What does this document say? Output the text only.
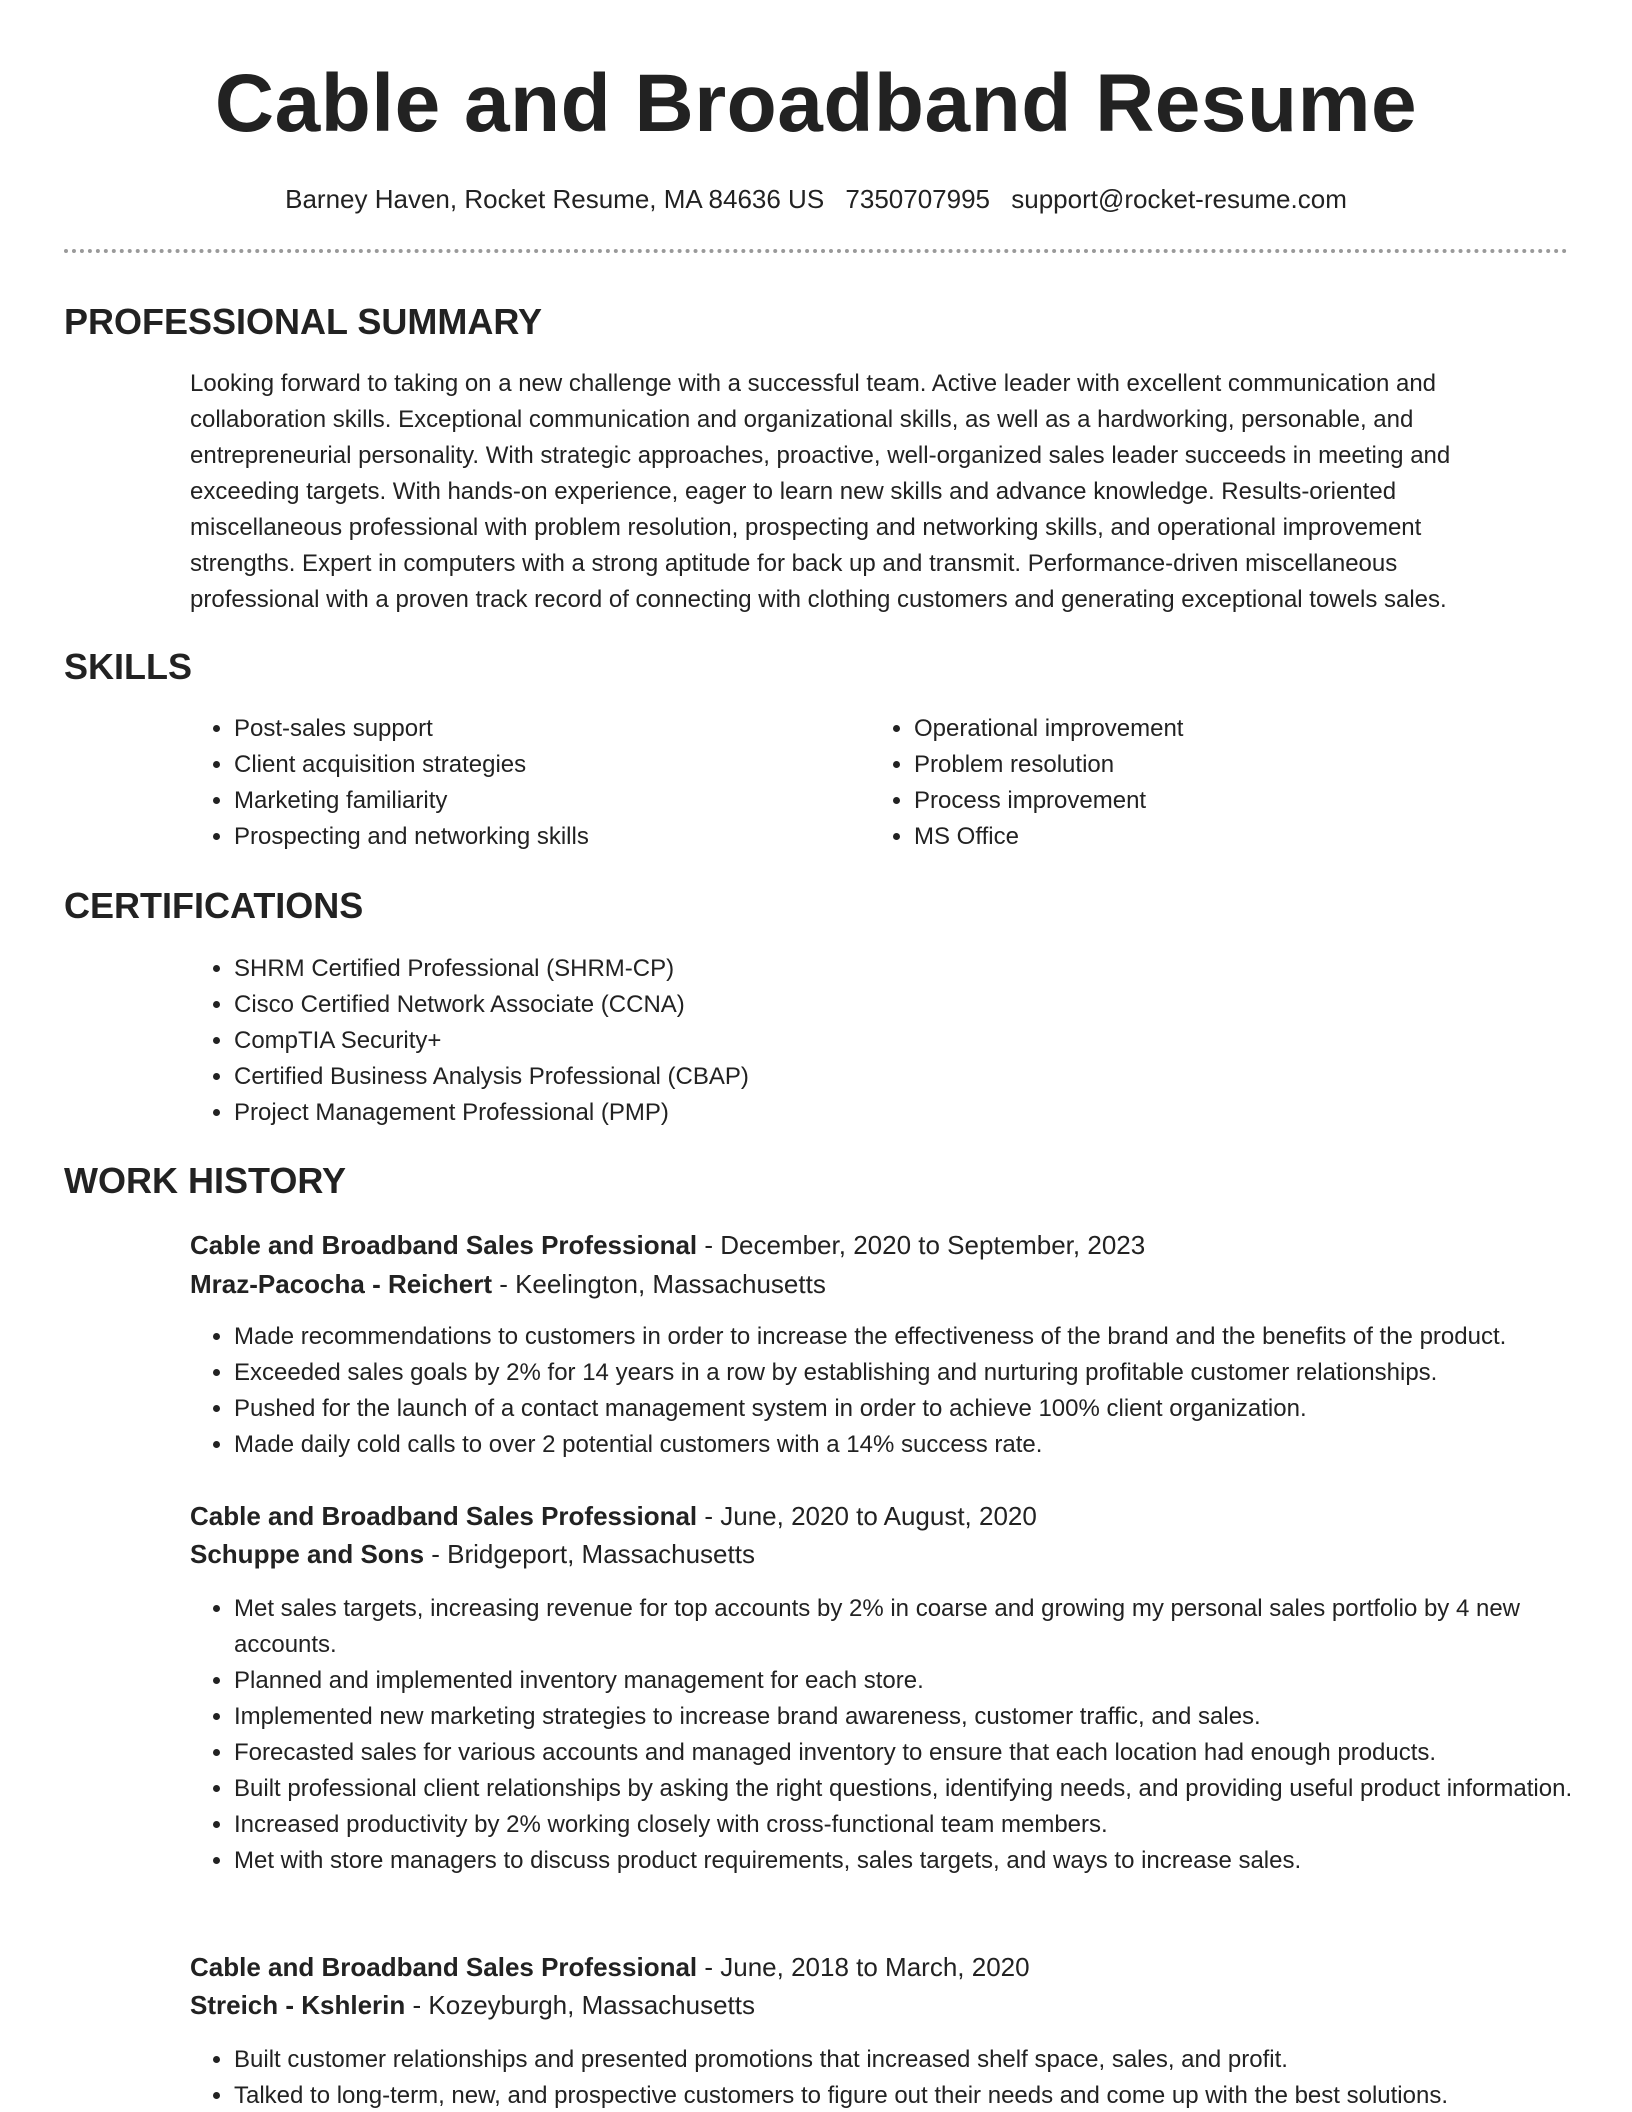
Cable and Broadband Resume
Barney Haven, Rocket Resume, MA 84636 US 7350707995 support@rocket-resume.com
PROFESSIONAL SUMMARY

Looking forward to taking on a new challenge with a successful team. Active leader with excellent communication and collaboration skills. Exceptional communication and organizational skills, as well as a hardworking, personable, and entrepreneurial personality. With strategic approaches, proactive, well-organized sales leader succeeds in meeting and exceeding targets. With hands-on experience, eager to learn new skills and advance knowledge. Results-oriented miscellaneous professional with problem resolution, prospecting and networking skills, and operational improvement strengths. Expert in computers with a strong aptitude for back up and transmit. Performance-driven miscellaneous professional with a proven track record of connecting with clothing customers and generating exceptional towels sales.

SKILLS
• Post-sales support
• Client acquisition strategies
• Marketing familiarity
• Prospecting and networking skills
• Operational improvement
• Problem resolution
• Process improvement
• MS Office
CERTIFICATIONS
• SHRM Certified Professional (SHRM-CP)
• Cisco Certified Network Associate (CCNA)
• CompTIA Security+
• Certified Business Analysis Professional (CBAP)
• Project Management Professional (PMP)
WORK HISTORY
Cable and Broadband Sales Professional - December, 2020 to September, 2023
Mraz-Pacocha - Reichert - Keelington, Massachusetts
• Made recommendations to customers in order to increase the effectiveness of the brand and the benefits of the product.
• Exceeded sales goals by 2% for 14 years in a row by establishing and nurturing profitable customer relationships.
• Pushed for the launch of a contact management system in order to achieve 100% client organization.
• Made daily cold calls to over 2 potential customers with a 14% success rate.
Cable and Broadband Sales Professional - June, 2020 to August, 2020
Schuppe and Sons - Bridgeport, Massachusetts
• Met sales targets, increasing revenue for top accounts by 2% in coarse and growing my personal sales portfolio by 4 new accounts.
• Planned and implemented inventory management for each store.
• Implemented new marketing strategies to increase brand awareness, customer traffic, and sales.
• Forecasted sales for various accounts and managed inventory to ensure that each location had enough products.
• Built professional client relationships by asking the right questions, identifying needs, and providing useful product information.
• Increased productivity by 2% working closely with cross-functional team members.
• Met with store managers to discuss product requirements, sales targets, and ways to increase sales.
Cable and Broadband Sales Professional - June, 2018 to March, 2020
Streich - Kshlerin - Kozeyburgh, Massachusetts
• Built customer relationships and presented promotions that increased shelf space, sales, and profit.
• Talked to long-term, new, and prospective customers to figure out their needs and come up with the best solutions.
